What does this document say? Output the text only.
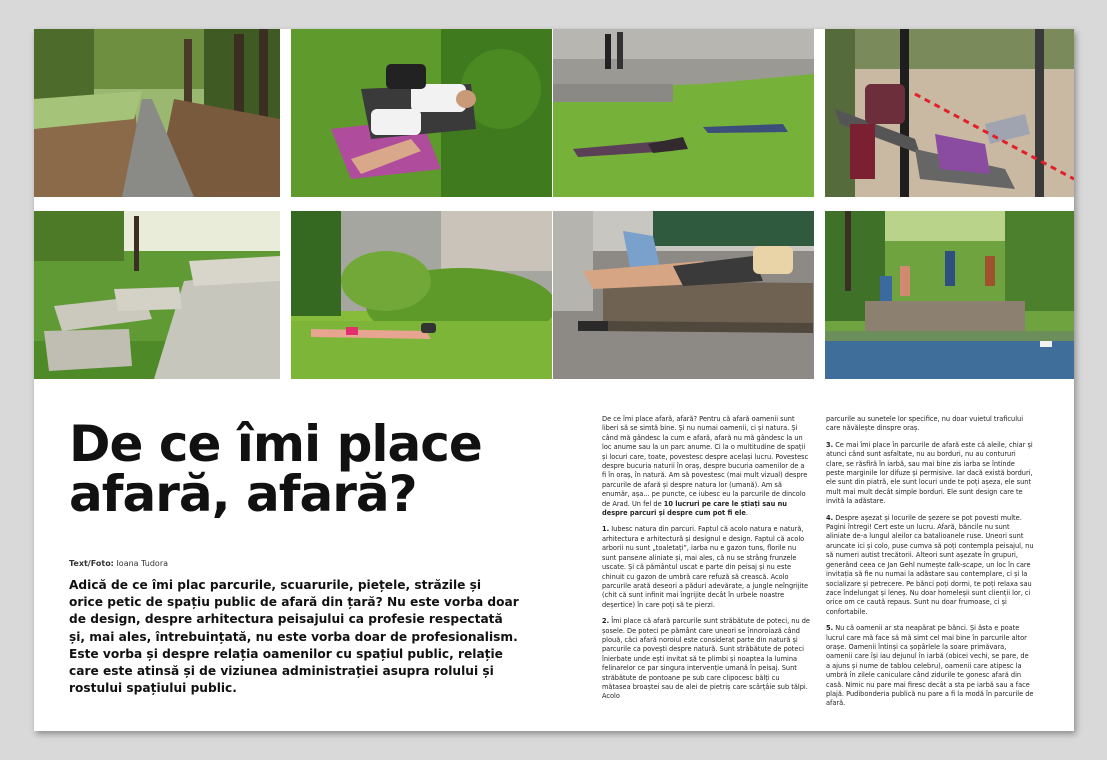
De ce îmi place
afară, afară?
Text/Foto: Ioana Tudora

Adică de ce îmi plac parcurile, scuarurile, piețele, străzile și orice petic de spațiu public de afară din țară? Nu este vorba doar de design, despre arhitectura peisajului ca profesie respectată și, mai ales, întrebuințată, nu este vorba doar de profesionalism. Este vorba și despre relația oamenilor cu spațiul public, relație care este atinsă și de viziunea administrației asupra rolului și rostului spațiului public.

De ce îmi place afară, afară? Pentru că afară oamenii sunt liberi să se simtă bine. Și nu numai oamenii, ci și natura. Și când mă gândesc la cum e afară, afară nu mă gândesc la un loc anume sau la un parc anume. Ci la o multitudine de spații și locuri care, toate, povestesc despre același lucru. Povestesc despre bucuria naturii în oraș, despre bucuria oamenilor de a fi în oraș, în natură. Am să povestesc (mai mult vizual) despre parcurile de afară și despre natura lor (umană). Am să enumăr, așa... pe puncte, ce iubesc eu la parcurile de dincolo de Arad. Un fel de 10 lucruri pe care le știați sau nu despre parcuri și despre cum pot fi ele.

1. Iubesc natura din parcuri. Faptul că acolo natura e natură, arhitectura e arhitectură și designul e design. Faptul că acolo arborii nu sunt „toaletați”, iarba nu e gazon tuns, florile nu sunt panseле aliniate și, mai ales, că nu se strâng frunzele uscate. Și că pământul uscat e parte din peisaj și nu este chinuit cu gazon de umbră care refuză să crească. Acolo parcurile arată deseori a păduri adevărate, a jungle neîngrijite (chit că sunt infinit mai îngrijite decât în urbele noastre deșertice) în care poți să te pierzi.

2. Îmi place că afară parcurile sunt străbătute de poteci, nu de șosele. De poteci pe pământ care uneori se înnoroiază când plouă, căci afară noroiul este considerat parte din natură și parcurile ca povești despre natură. Sunt străbătute de poteci înierbate unde ești invitat să te plimbi și noaptea la lumina felinarelor ce par singura intervenție umană în peisaj. Sunt străbătute de pontoane pe sub care clipocesc bălți cu mătasea broaștei sau de alei de pietriș care scârțâie sub tălpi. Acolo

parcurile au sunetele lor specifice, nu doar vuietul traficului care năvălește dinspre oraș.

3. Ce mai îmi place în parcurile de afară este că aleile, chiar și atunci când sunt asfaltate, nu au borduri, nu au contururi clare, se răsfiră în iarbă, sau mai bine zis iarba se întinde peste marginile lor difuze și permisive. Iar dacă există borduri, ele sunt din piatră, ele sunt locuri unde te poți așeza, ele sunt mult mai mult decât simple borduri. Ele sunt design care te invită la adăstare.

4. Despre așezat și locurile de șezere se pot povesti multe. Pagini întregi! Cert este un lucru. Afară, băncile nu sunt aliniate de-a lungul aleilor ca batalioanele ruse. Uneori sunt aruncate ici și colo, puse cumva să poți contempla peisajul, nu să numeri autist trecătorii. Alteori sunt așezate în grupuri, generând ceea ce Jan Gehl numește talk-scape, un loc în care invitația să fie nu numai la adăstare sau contemplare, ci și la socializare și petrecere. Pe bănci poți dormi, te poți relaxa sau zace îndelungat și leneș. Nu doar homeleșii sunt clienții lor, ci orice om ce caută repaus. Sunt nu doar frumoase, ci și confortabile.

5. Nu că oamenii ar sta neapărat pe bănci. Și ăsta e poate lucrul care mă face să mă simt cel mai bine în parcurile altor orașe. Oamenii întinși ca șopârlele la soare primăvara, oamenii care își iau dejunul în iarbă (obicei vechi, se pare, de a ajuns și nume de tablou celebru), oamenii care atipesc la umbră în zilele caniculare când zidurile te gonesc afară din casă. Nimic nu pare mai firesc decât a sta pe iarbă sau a face plajă. Pudibonderia publică nu pare a fi la modă în parcurile de afară.
